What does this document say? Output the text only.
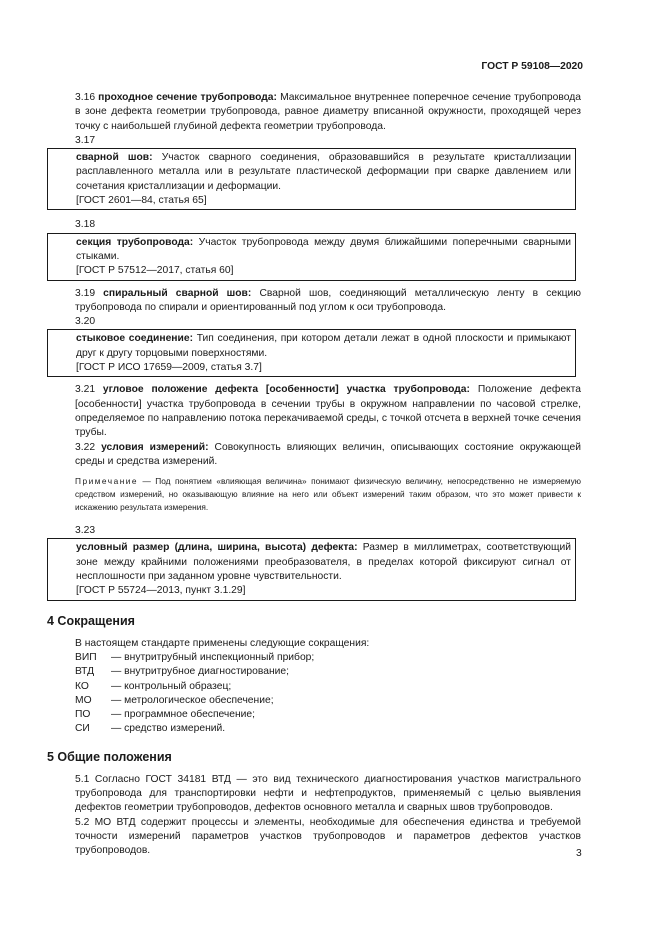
ГОСТ Р 59108—2020

3.16 проходное сечение трубопровода: Максимальное внутреннее поперечное сечение трубопровода в зоне дефекта геометрии трубопровода, равное диаметру вписанной окружности, проходящей через точку с наибольшей глубиной дефекта геометрии трубопровода.

3.17

сварной шов: Участок сварного соединения, образовавшийся в результате кристаллизации расплавленного металла или в результате пластической деформации при сварке давлением или сочетания кристаллизации и деформации.

[ГОСТ 2601—84, статья 65]

3.18

секция трубопровода: Участок трубопровода между двумя ближайшими поперечными сварными стыками.

[ГОСТ Р 57512—2017, статья 60]

3.19 спиральный сварной шов: Сварной шов, соединяющий металлическую ленту в секцию трубопровода по спирали и ориентированный под углом к оси трубопровода.

3.20

стыковое соединение: Тип соединения, при котором детали лежат в одной плоскости и примыкают друг к другу торцовыми поверхностями.

[ГОСТ Р ИСО 17659—2009, статья 3.7]

3.21 угловое положение дефекта [особенности] участка трубопровода: Положение дефекта [особенности] участка трубопровода в сечении трубы в окружном направлении по часовой стрелке, определяемое по направлению потока перекачиваемой среды, с точкой отсчета в верхней точке сечения трубы.

3.22 условия измерений: Совокупность влияющих величин, описывающих состояние окружающей среды и средства измерений.

Примечание — Под понятием «влияющая величина» понимают физическую величину, непосредственно не измеряемую средством измерений, но оказывающую влияние на него или объект измерений таким образом, что это может привести к искажению результата измерения.

3.23

условный размер (длина, ширина, высота) дефекта: Размер в миллиметрах, соответствующий зоне между крайними положениями преобразователя, в пределах которой фиксируют сигнал от несплошности при заданном уровне чувствительности.

[ГОСТ Р 55724—2013, пункт 3.1.29]

4 Сокращения

В настоящем стандарте применены следующие сокращения:

ВИП	— внутритрубный инспекционный прибор;
ВТД	— внутритрубное диагностирование;
КО	— контрольный образец;
МО	— метрологическое обеспечение;
ПО	— программное обеспечение;
СИ	— средство измерений.
5 Общие положения

5.1 Согласно ГОСТ 34181 ВТД — это вид технического диагностирования участков магистрального трубопровода для транспортировки нефти и нефтепродуктов, применяемый с целью выявления дефектов геометрии трубопроводов, дефектов основного металла и сварных швов трубопроводов.

5.2 МО ВТД содержит процессы и элементы, необходимые для обеспечения единства и требуемой точности измерений параметров участков трубопроводов и параметров дефектов участков трубопроводов.	3
